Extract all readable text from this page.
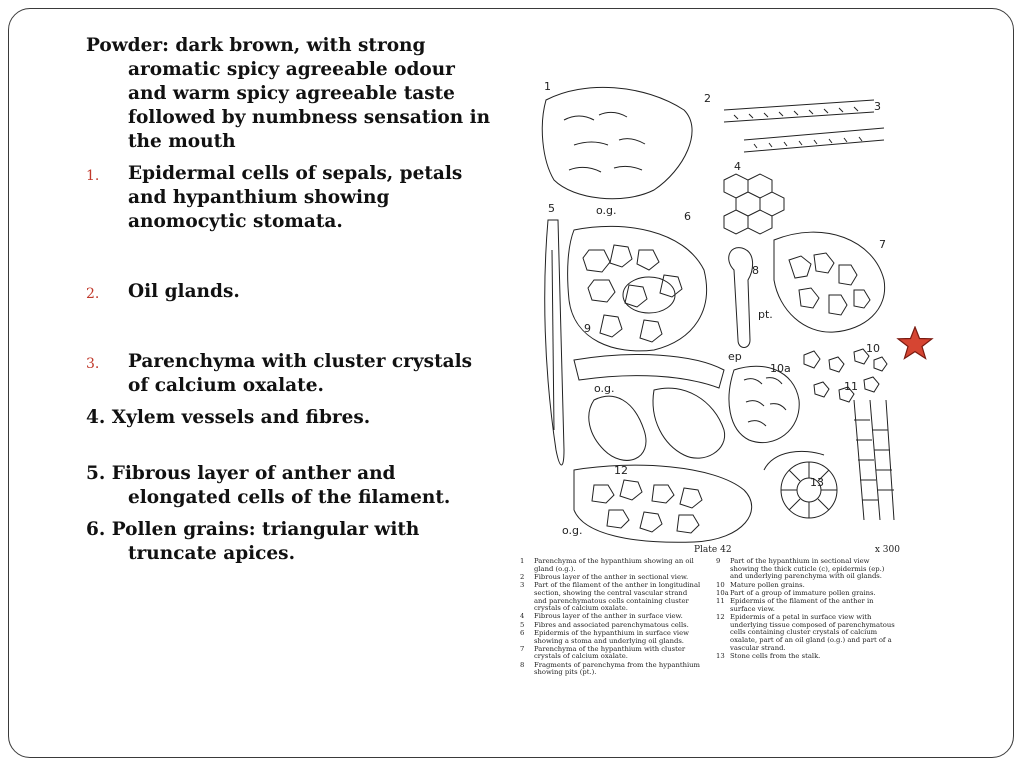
Powder: dark brown, with strong aromatic spicy agreeable odour and warm spicy agreeable taste followed by numbness sensation in the mouth

1. Epidermal cells of sepals, petals and hypanthium showing anomocytic stomata.
2. Oil glands.
3. Parenchyma with cluster crystals of calcium oxalate.

4. Xylem vessels and fibres.

5. Fibrous layer of anther and elongated cells of the filament.

6. Pollen grains: triangular with truncate apices.

1
2
3
4
5
6
7
8
9
10
10a
11
12
13
o.g.
o.g.
o.g.
ep
pt.
Plate 42	x 300
1 Parenchyma of the hypanthium showing an oil gland (o.g.).
2 Fibrous layer of the anther in sectional view.
3 Part of the filament of the anther in longitudinal section, showing the central vascular strand and parenchymatous cells containing cluster crystals of calcium oxalate.
4 Fibrous layer of the anther in surface view.
5 Fibres and associated parenchymatous cells.
6 Epidermis of the hypanthium in surface view showing a stoma and underlying oil glands.
7 Parenchyma of the hypanthium with cluster crystals of calcium oxalate.
8 Fragments of parenchyma from the hypanthium showing pits (pt.).
9 Part of the hypanthium in sectional view showing the thick cuticle (c), epidermis (ep.) and underlying parenchyma with oil glands.
10 Mature pollen grains.
10a Part of a group of immature pollen grains.
11 Epidermis of the filament of the anther in surface view.
12 Epidermis of a petal in surface view with underlying tissue composed of parenchymatous cells containing cluster crystals of calcium oxalate, part of an oil gland (o.g.) and part of a vascular strand.
13 Stone cells from the stalk.
